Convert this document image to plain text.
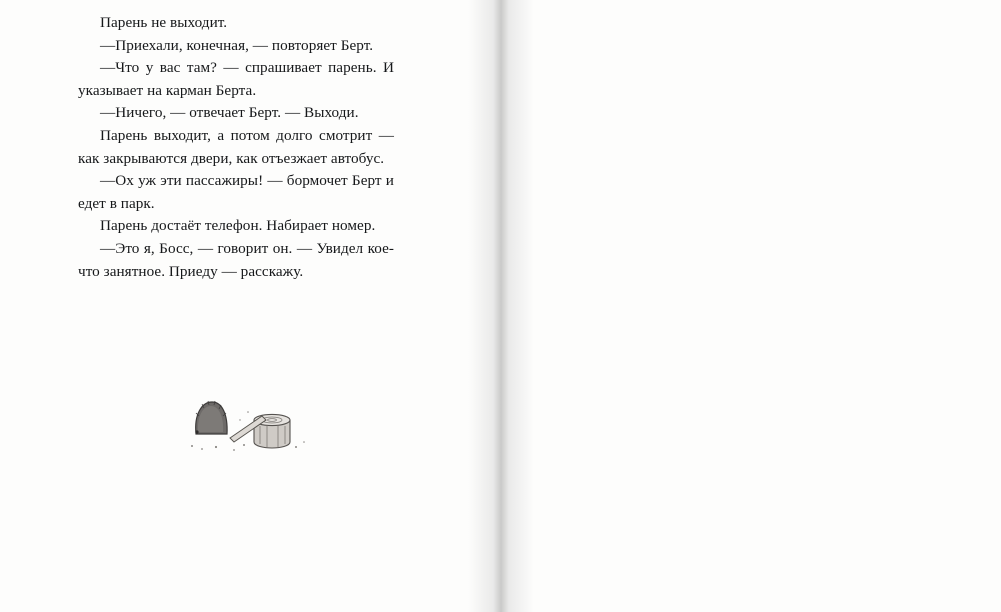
Парень не выходит.

—Приехали, конечная, — повторяет Берт.

—Что у вас там? — спрашивает парень. И указывает на карман Берта.

—Ничего, — отвечает Берт. — Выходи.

Парень выходит, а потом долго смотрит — как закрываются двери, как отъезжает автобус.

—Ох уж эти пассажиры! — бормочет Берт и едет в парк.

Парень достаёт телефон. Набирает номер.

—Это я, Босс, — говорит он. — Увидел кое-что занятное. Приеду — расскажу.
